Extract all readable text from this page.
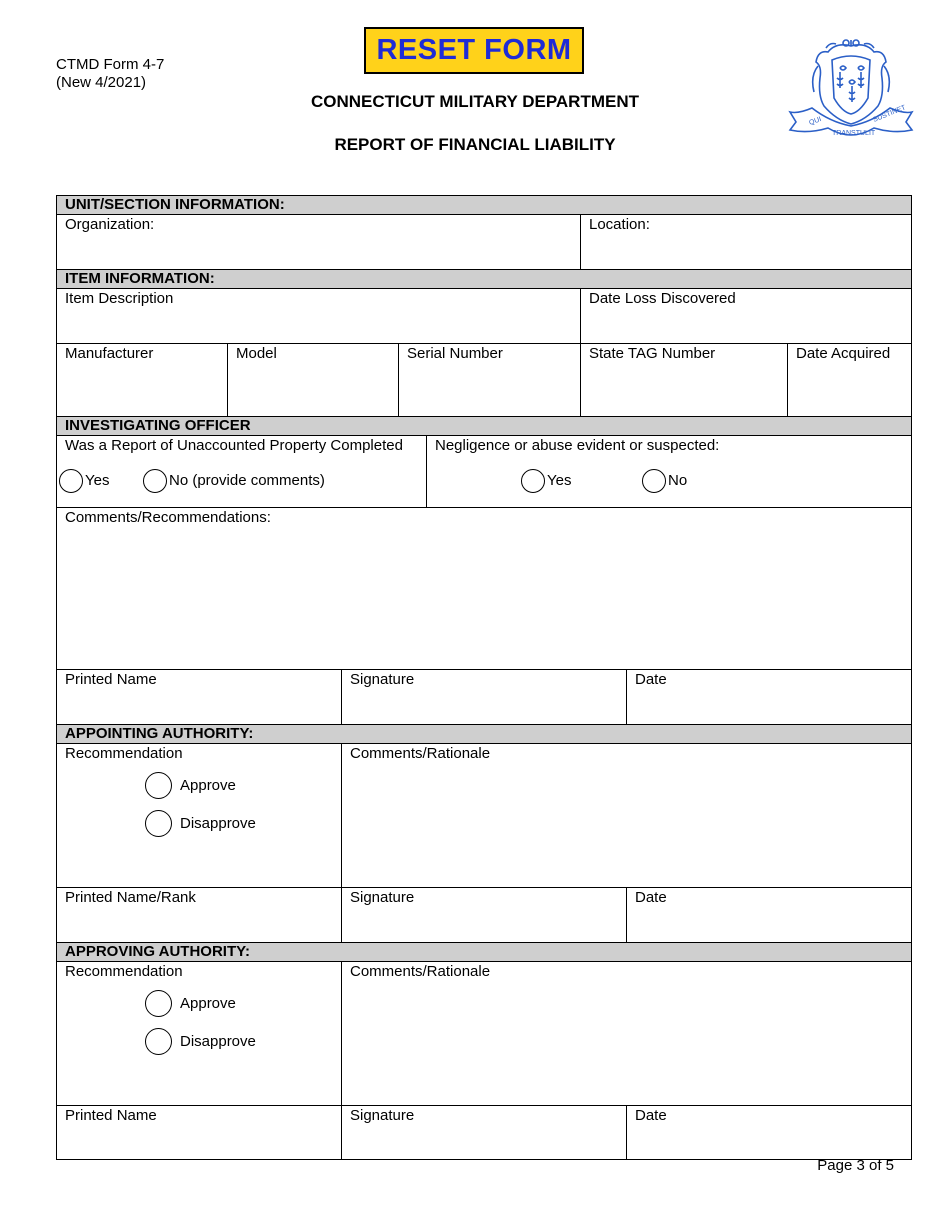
CTMD Form 4-7
(New 4/2021)
RESET FORM
CONNECTICUT MILITARY DEPARTMENT
REPORT OF FINANCIAL LIABILITY
QUI
TRANSTULIT
SUSTINET
UNIT/SECTION INFORMATION:
Organization:	Location:
ITEM INFORMATION:
Item Description	Date Loss Discovered
Manufacturer	Model	Serial Number	State TAG Number	Date Acquired
INVESTIGATING OFFICER
Was a Report of Unaccounted Property Completed
Yes	No (provide comments)
Negligence or abuse evident or suspected:
Yes	No
Comments/Recommendations:
Printed Name	Signature	Date
APPOINTING AUTHORITY:
Recommendation
Approve
Disapprove
Comments/Rationale
Printed Name/Rank	Signature	Date
APPROVING AUTHORITY:
Recommendation
Approve
Disapprove
Comments/Rationale
Printed Name	Signature	Date
Page 3 of 5
